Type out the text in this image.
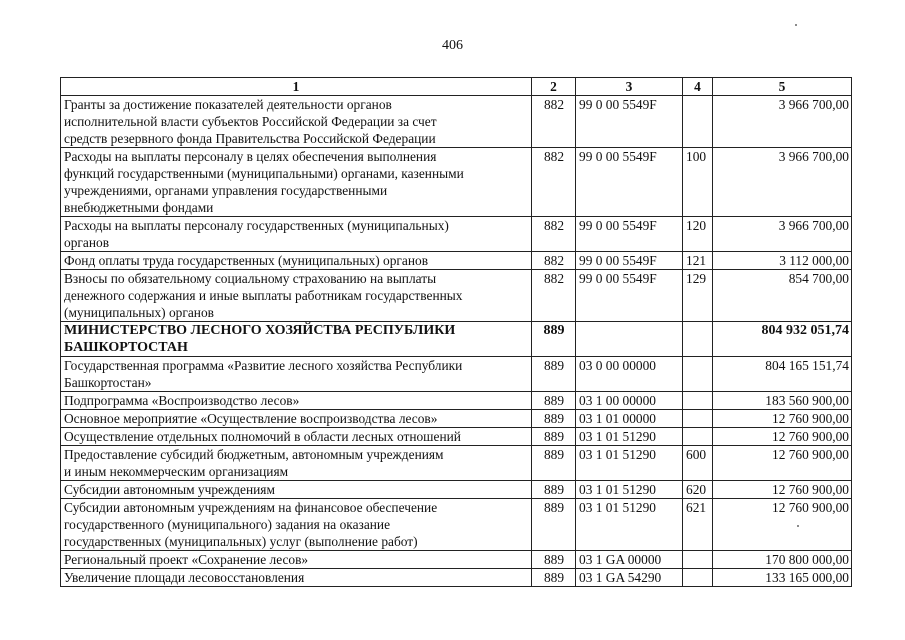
406
1	2	3	4	5

Гранты за достижение показателей деятельности органов
исполнительной власти субъектов Российской Федерации за счет
средств резервного фонда Правительства Российской Федерации	882	99 0 00 5549F		3 966 700,00

Расходы на выплаты персоналу в целях обеспечения выполнения
функций государственными (муниципальными) органами, казенными
учреждениями, органами управления государственными
внебюджетными фондами	882	99 0 00 5549F	100	3 966 700,00

Расходы на выплаты персоналу государственных (муниципальных)
органов	882	99 0 00 5549F	120	3 966 700,00

Фонд оплаты труда государственных (муниципальных) органов	882	99 0 00 5549F	121	3 112 000,00

Взносы по обязательному социальному страхованию на выплаты
денежного содержания и иные выплаты работникам государственных
(муниципальных) органов	882	99 0 00 5549F	129	854 700,00

МИНИСТЕРСТВО ЛЕСНОГО ХОЗЯЙСТВА РЕСПУБЛИКИ
БАШКОРТОСТАН	889			804 932 051,74

Государственная программа «Развитие лесного хозяйства Республики
Башкортостан»	889	03 0 00 00000		804 165 151,74

Подпрограмма «Воспроизводство лесов»	889	03 1 00 00000		183 560 900,00

Основное мероприятие «Осуществление воспроизводства лесов»	889	03 1 01 00000		12 760 900,00

Осуществление отдельных полномочий в области лесных отношений	889	03 1 01 51290		12 760 900,00

Предоставление субсидий бюджетным, автономным учреждениям
и иным некоммерческим организациям	889	03 1 01 51290	600	12 760 900,00

Субсидии автономным учреждениям	889	03 1 01 51290	620	12 760 900,00

Субсидии автономным учреждениям на финансовое обеспечение
государственного (муниципального) задания на оказание
государственных (муниципальных) услуг (выполнение работ)	889	03 1 01 51290	621	12 760 900,00

Региональный проект «Сохранение лесов»	889	03 1 GA 00000		170 800 000,00

Увеличение площади лесовосстановления	889	03 1 GA 54290		133 165 000,00
